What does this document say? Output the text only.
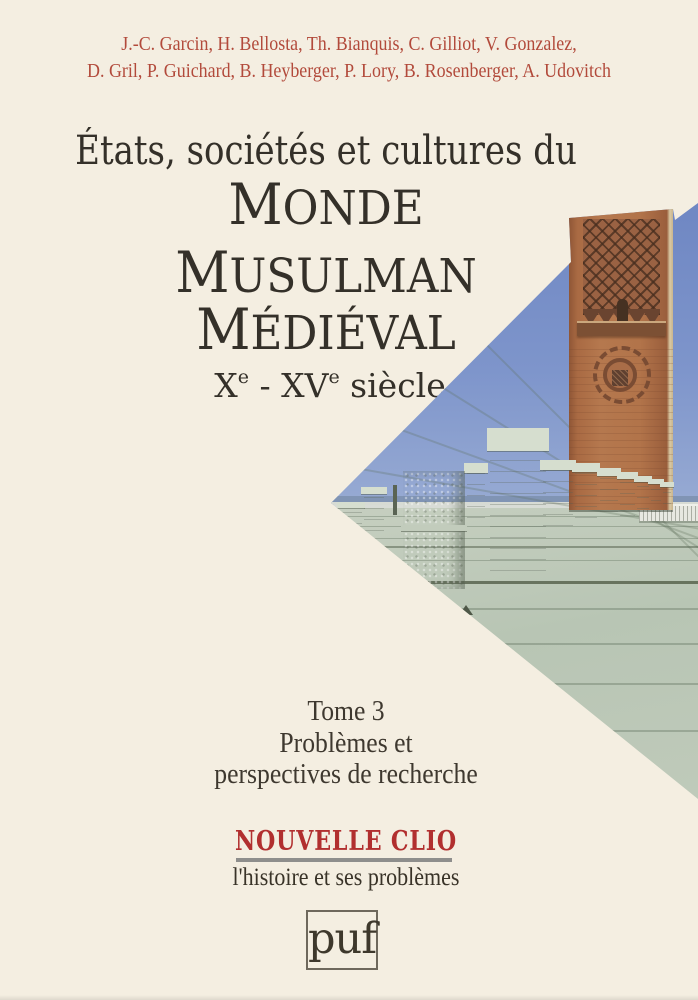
J.-C. Garcin, H. Bellosta, Th. Bianquis, C. Gilliot, V. Gonzalez,
D. Gril, P. Guichard, B. Heyberger, P. Lory, B. Rosenberger, A. Udovitch
États, sociétés et cultures du
MONDE
MUSULMAN
MÉDIÉVAL
Xe - XVe siècle
Tome 3
Problèmes et
perspectives de recherche
NOUVELLE CLIO
l'histoire et ses problèmes
puf
